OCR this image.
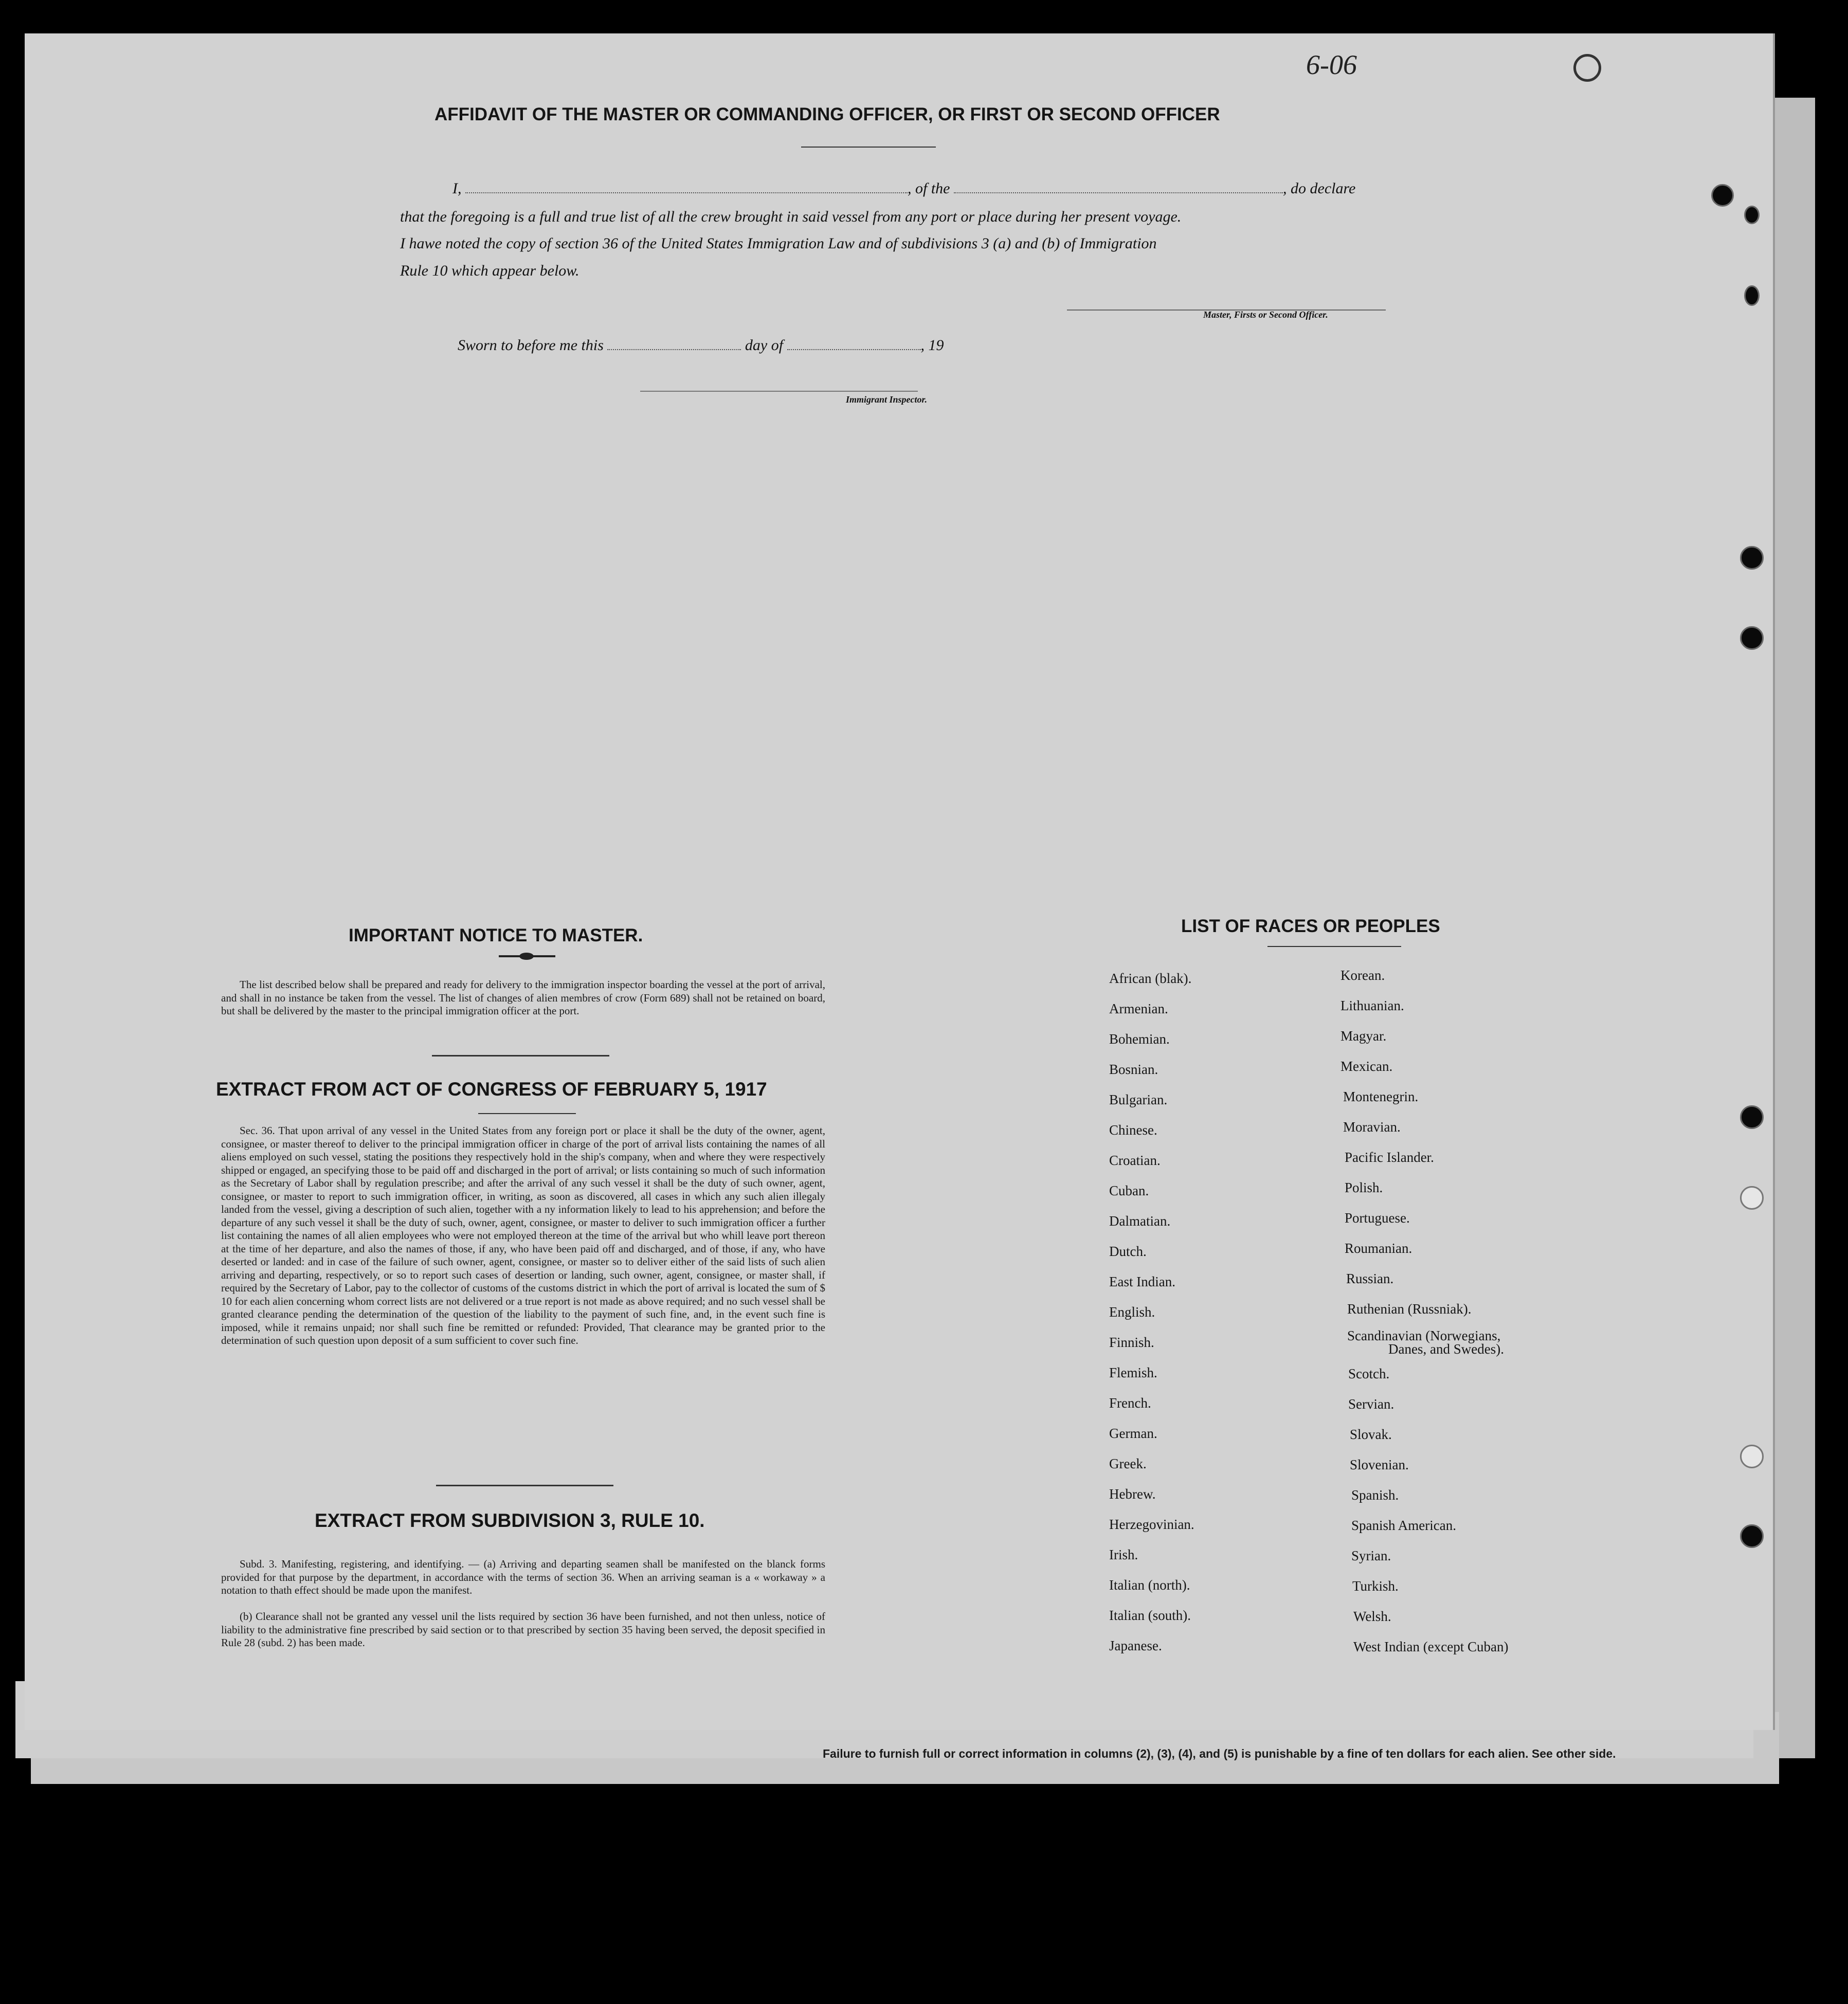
6-06
AFFIDAVIT OF THE MASTER OR COMMANDING OFFICER, OR FIRST OR SECOND OFFICER
I,	, of the	, do declare
that the foregoing is a full and true list of all the crew brought in said vessel from any port or place during her present voyage.
I hawe noted the copy of section 36 of the United States Immigration Law and of subdivisions 3 (a) and (b) of Immigration
Rule 10 which appear below.
Master, Firsts or Second Officer.
Sworn to before me this	day of	, 19
Immigrant Inspector.
IMPORTANT NOTICE TO MASTER.
The list described below shall be prepared and ready for delivery to the immigration inspector boarding the vessel at the port of arrival, and shall in no instance be taken from the vessel. The list of changes of alien membres of crow (Form 689) shall not be retained on board, but shall be delivered by the master to the principal immigration officer at the port.
EXTRACT FROM ACT OF CONGRESS OF FEBRUARY 5, 1917
Sec. 36. That upon arrival of any vessel in the United States from any foreign port or place it shall be the duty of the owner, agent, consignee, or master thereof to deliver to the principal immigration officer in charge of the port of arrival lists containing the names of all aliens employed on such vessel, stating the positions they respectively hold in the ship's company, when and where they were respectively shipped or engaged, an specifying those to be paid off and discharged in the port of arrival; or lists containing so much of such information as the Secretary of Labor shall by regulation prescribe; and after the arrival of any such vessel it shall be the duty of such owner, agent, consignee, or master to report to such immigration officer, in writing, as soon as discovered, all cases in which any such alien illegaly landed from the vessel, giving a description of such alien, together with a ny information likely to lead to his apprehension; and before the departure of any such vessel it shall be the duty of such, owner, agent, consignee, or master to deliver to such immigration officer a further list containing the names of all alien employees who were not employed thereon at the time of the arrival but who whill leave port thereon at the time of her departure, and also the names of those, if any, who have been paid off and discharged, and of those, if any, who have deserted or landed: and in case of the failure of such owner, agent, consignee, or master so to deliver either of the said lists of such alien arriving and departing, respectively, or so to report such cases of desertion or landing, such owner, agent, consignee, or master shall, if required by the Secretary of Labor, pay to the collector of customs of the customs district in which the port of arrival is located the sum of $ 10 for each alien concerning whom correct lists are not delivered or a true report is not made as above required; and no such vessel shall be granted clearance pending the determination of the question of the liability to the payment of such fine, and, in the event such fine is imposed, while it remains unpaid; nor shall such fine be remitted or refunded: Provided, That clearance may be granted prior to the determination of such question upon deposit of a sum sufficient to cover such fine.
EXTRACT FROM SUBDIVISION 3, RULE 10.
Subd. 3. Manifesting, registering, and identifying. — (a) Arriving and departing seamen shall be manifested on the blanck forms provided for that purpose by the department, in accordance with the terms of section 36. When an arriving seaman is a « workaway » a notation to thath effect should be made upon the manifest.
(b) Clearance shall not be granted any vessel unil the lists required by section 36 have been furnished, and not then unless, notice of liability to the administrative fine prescribed by said section or to that prescribed by section 35 having been served, the deposit specified in Rule 28 (subd. 2) has been made.
LIST OF RACES OR PEOPLES
African (blak).
Armenian.
Bohemian.
Bosnian.
Bulgarian.
Chinese.
Croatian.
Cuban.
Dalmatian.
Dutch.
East Indian.
English.
Finnish.
Flemish.
French.
German.
Greek.
Hebrew.
Herzegovinian.
Irish.
Italian (north).
Italian (south).
Japanese.
Korean.
Lithuanian.
Magyar.
Mexican.
Montenegrin.
Moravian.
Pacific Islander.
Polish.
Portuguese.
Roumanian.
Russian.
Ruthenian (Russniak).
Scandinavian (Norwegians,
Danes, and Swedes).
Scotch.
Servian.
Slovak.
Slovenian.
Spanish.
Spanish American.
Syrian.
Turkish.
Welsh.
West Indian (except Cuban)
Failure to furnish full or correct information in columns (2), (3), (4), and (5) is punishable by a fine of ten dollars for each alien. See other side.
